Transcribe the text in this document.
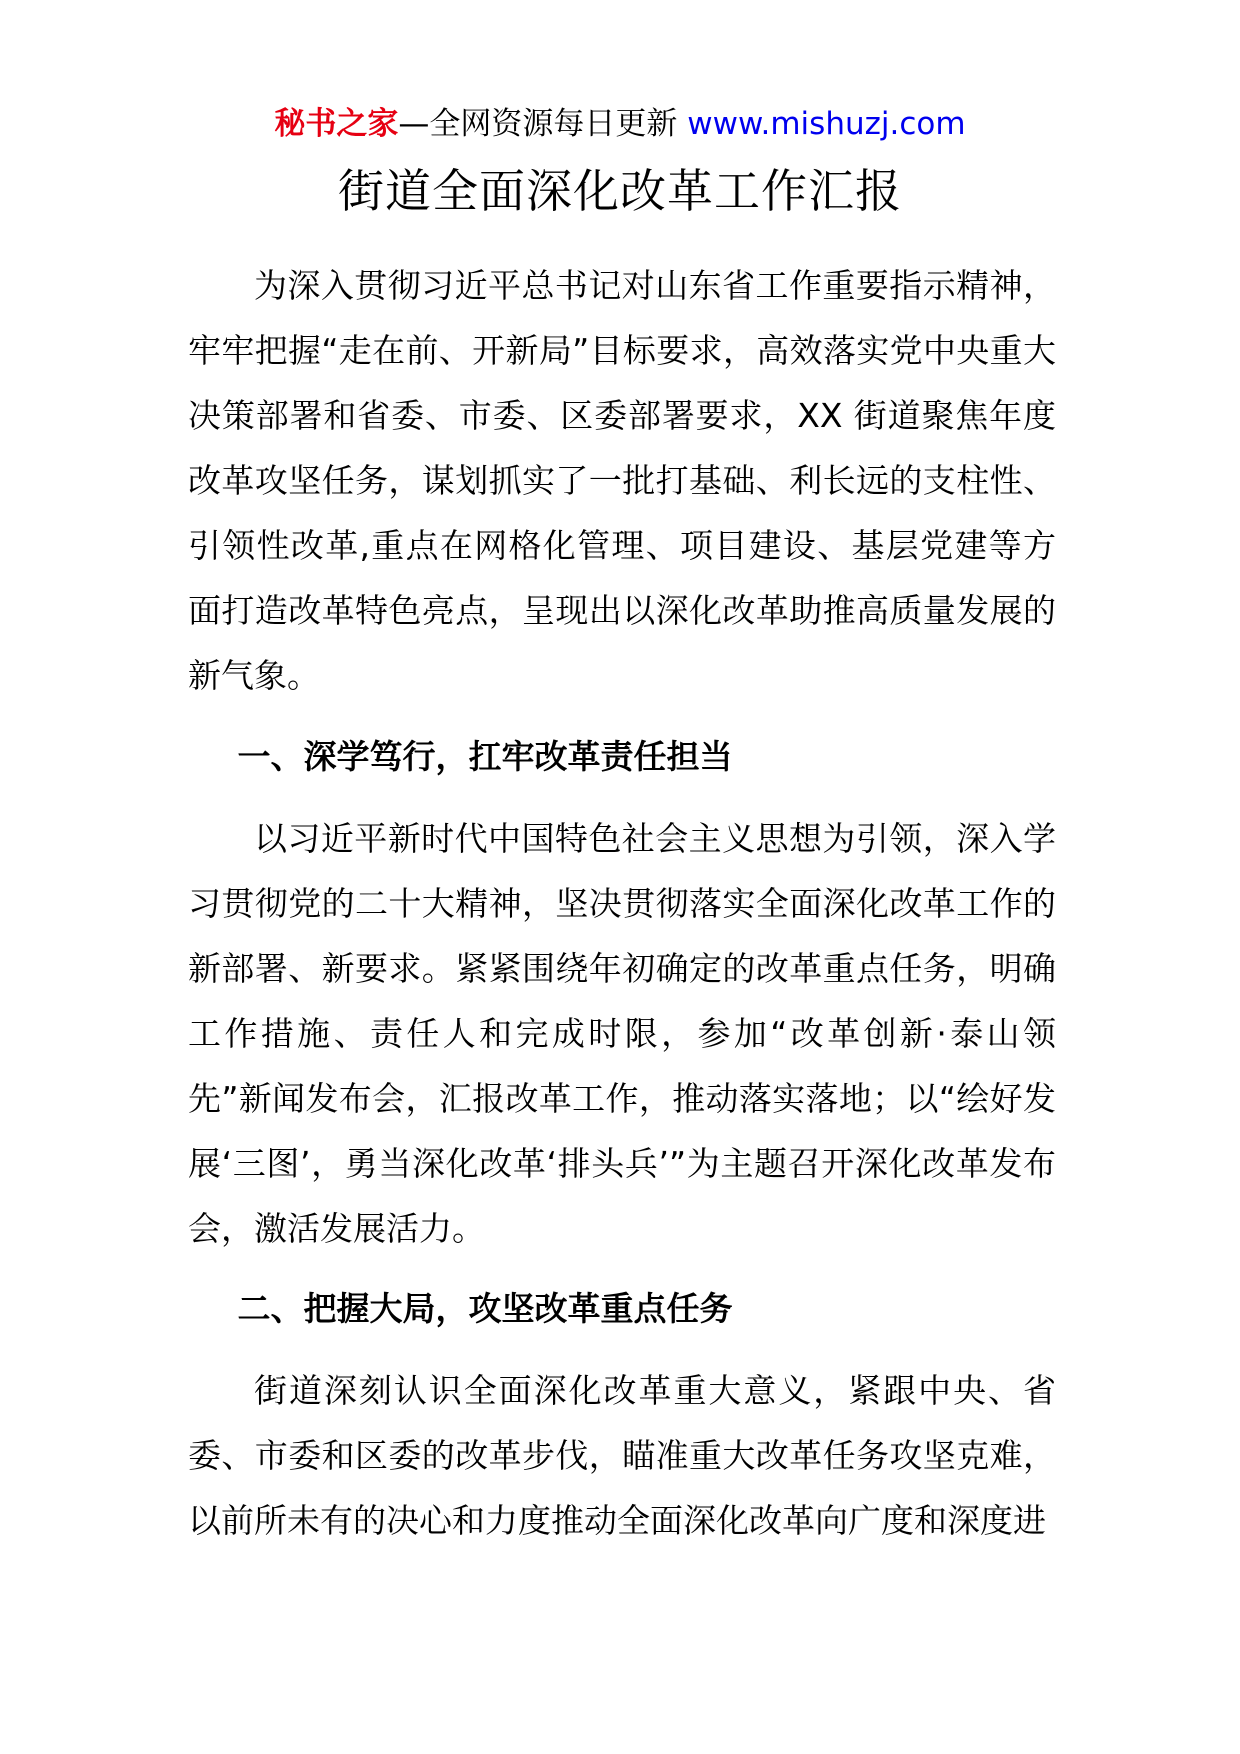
秘书之家—全网资源每日更新 www.mishuzj.com
街道全面深化改革工作汇报

为深入贯彻习近平总书记对山东省工作重要指示精神，牢牢把握“走在前、开新局”目标要求，高效落实党中央重大决策部署和省委、市委、区委部署要求，XX 街道聚焦年度改革攻坚任务，谋划抓实了一批打基础、利长远的支柱性、引领性改革,重点在网格化管理、项目建设、基层党建等方面打造改革特色亮点，呈现出以深化改革助推高质量发展的新气象。

一、深学笃行，扛牢改革责任担当

以习近平新时代中国特色社会主义思想为引领，深入学习贯彻党的二十大精神，坚决贯彻落实全面深化改革工作的新部署、新要求。紧紧围绕年初确定的改革重点任务，明确工作措施、责任人和完成时限，参加“改革创新·泰山领先”新闻发布会，汇报改革工作，推动落实落地；以“绘好发展‘三图’，勇当深化改革‘排头兵’”为主题召开深化改革发布会，激活发展活力。

二、把握大局，攻坚改革重点任务

街道深刻认识全面深化改革重大意义，紧跟中央、省委、市委和区委的改革步伐，瞄准重大改革任务攻坚克难，以前所未有的决心和力度推动全面深化改革向广度和深度进
